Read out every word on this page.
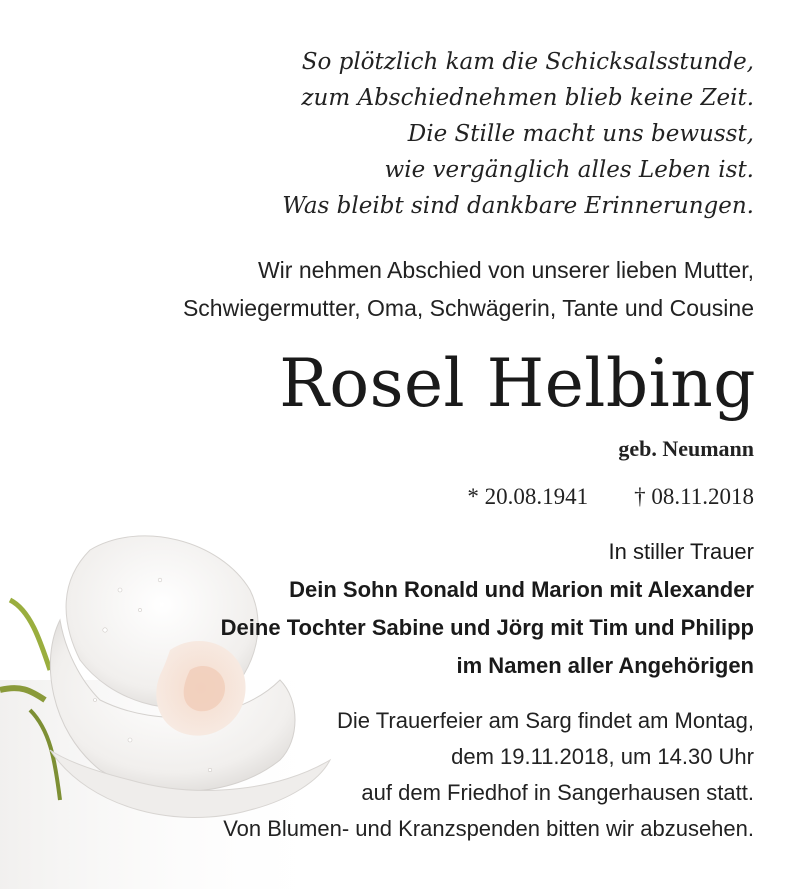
So plötzlich kam die Schicksalsstunde,
zum Abschiednehmen blieb keine Zeit.
Die Stille macht uns bewusst,
wie vergänglich alles Leben ist.
Was bleibt sind dankbare Erinnerungen.
Wir nehmen Abschied von unserer lieben Mutter,
Schwiegermutter, Oma, Schwägerin, Tante und Cousine
Rosel Helbing
geb. Neumann
* 20.08.1941 † 08.11.2018
In stiller Trauer
Dein Sohn Ronald und Marion mit Alexander
Deine Tochter Sabine und Jörg mit Tim und Philipp
im Namen aller Angehörigen
Die Trauerfeier am Sarg findet am Montag,
dem 19.11.2018, um 14.30 Uhr
auf dem Friedhof in Sangerhausen statt.
Von Blumen- und Kranzspenden bitten wir abzusehen.
